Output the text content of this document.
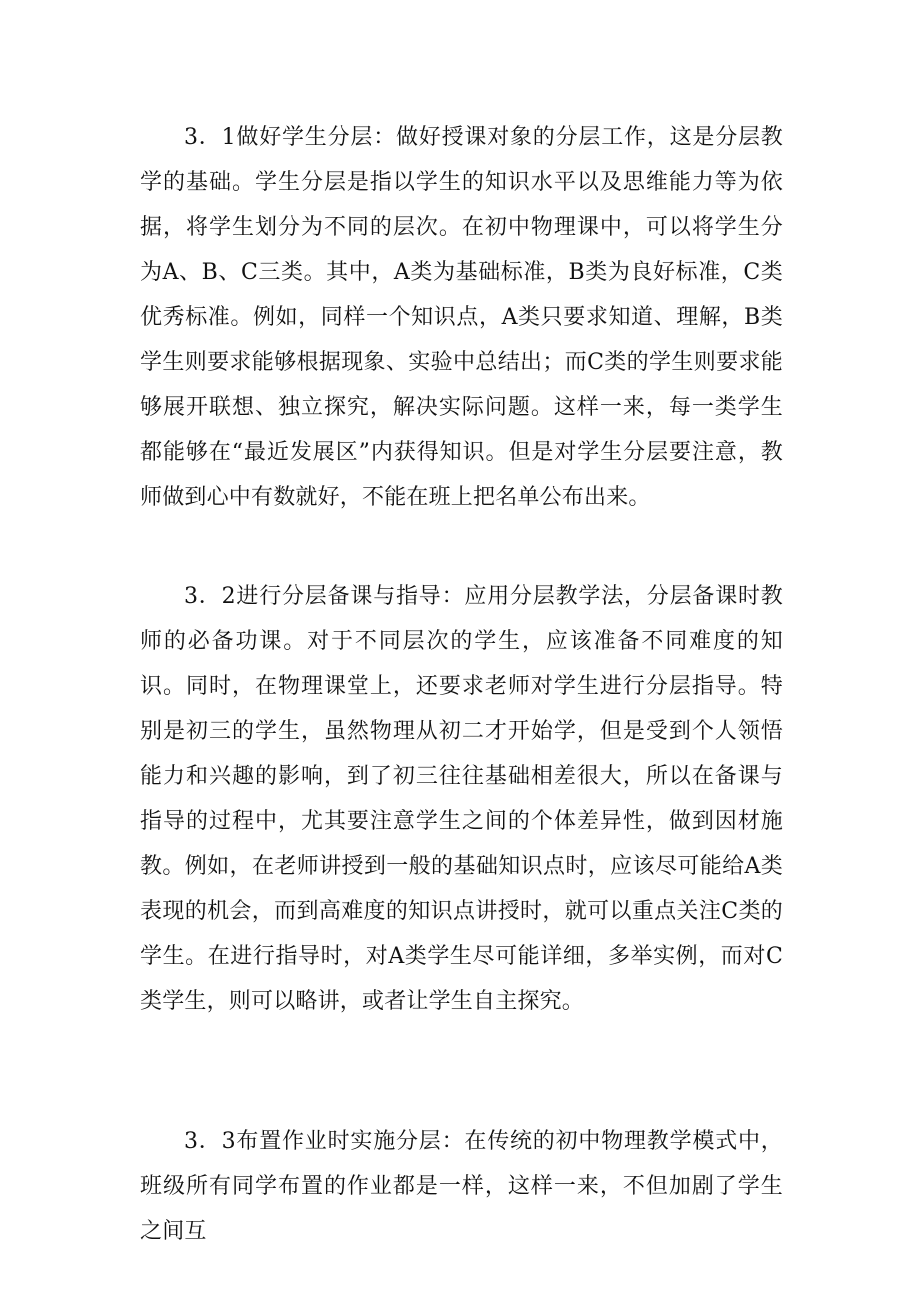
3．1做好学生分层：做好授课对象的分层工作，这是分层教学的基础。学生分层是指以学生的知识水平以及思维能力等为依据，将学生划分为不同的层次。在初中物理课中，可以将学生分为A、B、C三类。其中，A类为基础标准，B类为良好标准，C类优秀标准。例如，同样一个知识点，A类只要求知道、理解，B类学生则要求能够根据现象、实验中总结出；而C类的学生则要求能够展开联想、独立探究，解决实际问题。这样一来，每一类学生都能够在“最近发展区”内获得知识。但是对学生分层要注意，教师做到心中有数就好，不能在班上把名单公布出来。

3．2进行分层备课与指导：应用分层教学法，分层备课时教师的必备功课。对于不同层次的学生，应该准备不同难度的知识。同时，在物理课堂上，还要求老师对学生进行分层指导。特别是初三的学生，虽然物理从初二才开始学，但是受到个人领悟能力和兴趣的影响，到了初三往往基础相差很大，所以在备课与指导的过程中，尤其要注意学生之间的个体差异性，做到因材施教。例如，在老师讲授到一般的基础知识点时，应该尽可能给A类表现的机会，而到高难度的知识点讲授时，就可以重点关注C类的学生。在进行指导时，对A类学生尽可能详细，多举实例，而对C类学生，则可以略讲，或者让学生自主探究。

3．3布置作业时实施分层：在传统的初中物理教学模式中，班级所有同学布置的作业都是一样，这样一来，不但加剧了学生之间互
